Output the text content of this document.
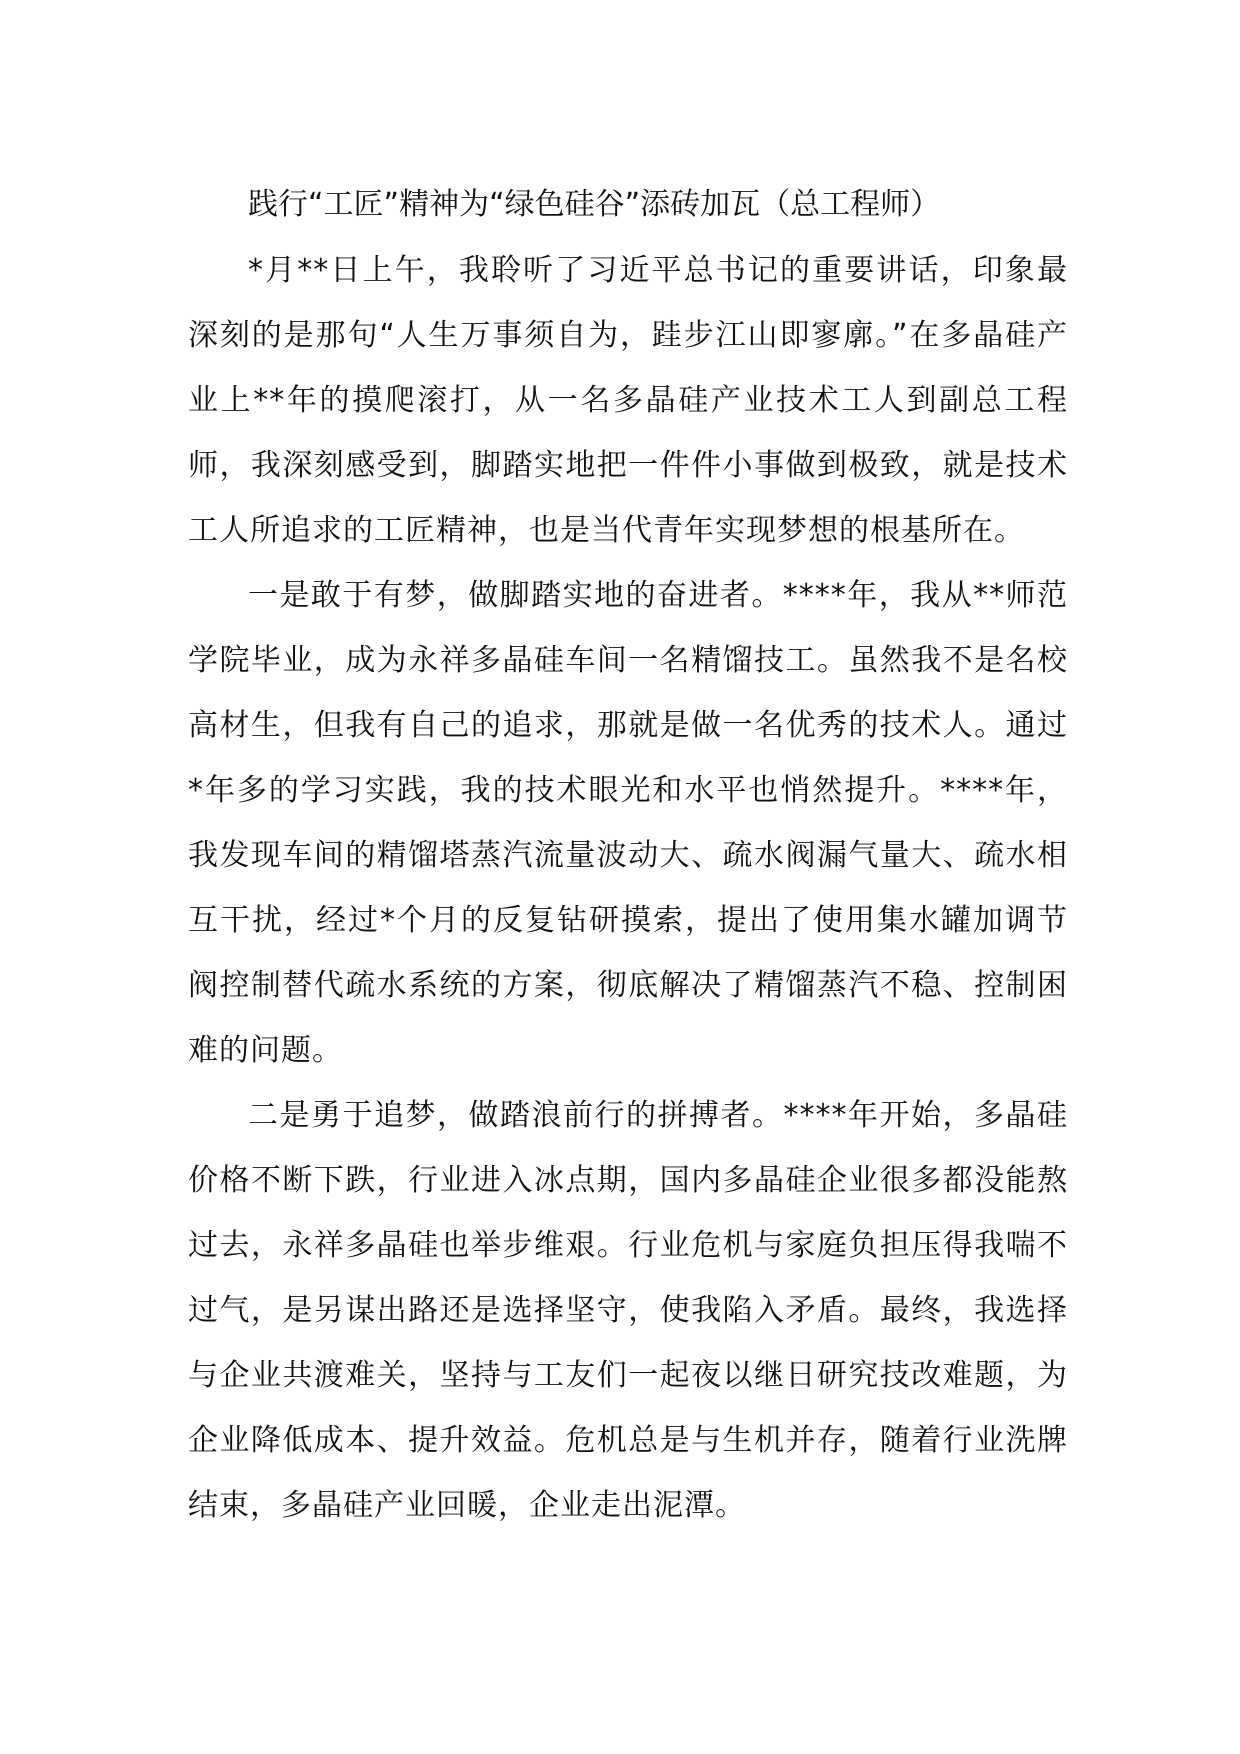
践行“工匠”精神为“绿色硅谷”添砖加瓦（总工程师）

*月**日上午，我聆听了习近平总书记的重要讲话，印象最深刻的是那句“人生万事须自为，跬步江山即寥廓。”在多晶硅产业上**年的摸爬滚打，从一名多晶硅产业技术工人到副总工程师，我深刻感受到，脚踏实地把一件件小事做到极致，就是技术工人所追求的工匠精神，也是当代青年实现梦想的根基所在。

一是敢于有梦，做脚踏实地的奋进者。****年，我从**师范学院毕业，成为永祥多晶硅车间一名精馏技工。虽然我不是名校高材生，但我有自己的追求，那就是做一名优秀的技术人。通过*年多的学习实践，我的技术眼光和水平也悄然提升。****年，我发现车间的精馏塔蒸汽流量波动大、疏水阀漏气量大、疏水相互干扰，经过*个月的反复钻研摸索，提出了使用集水罐加调节阀控制替代疏水系统的方案，彻底解决了精馏蒸汽不稳、控制困难的问题。

二是勇于追梦，做踏浪前行的拼搏者。****年开始，多晶硅价格不断下跌，行业进入冰点期，国内多晶硅企业很多都没能熬过去，永祥多晶硅也举步维艰。行业危机与家庭负担压得我喘不过气，是另谋出路还是选择坚守，使我陷入矛盾。最终，我选择与企业共渡难关，坚持与工友们一起夜以继日研究技改难题，为企业降低成本、提升效益。危机总是与生机并存，随着行业洗牌结束，多晶硅产业回暖，企业走出泥潭。
